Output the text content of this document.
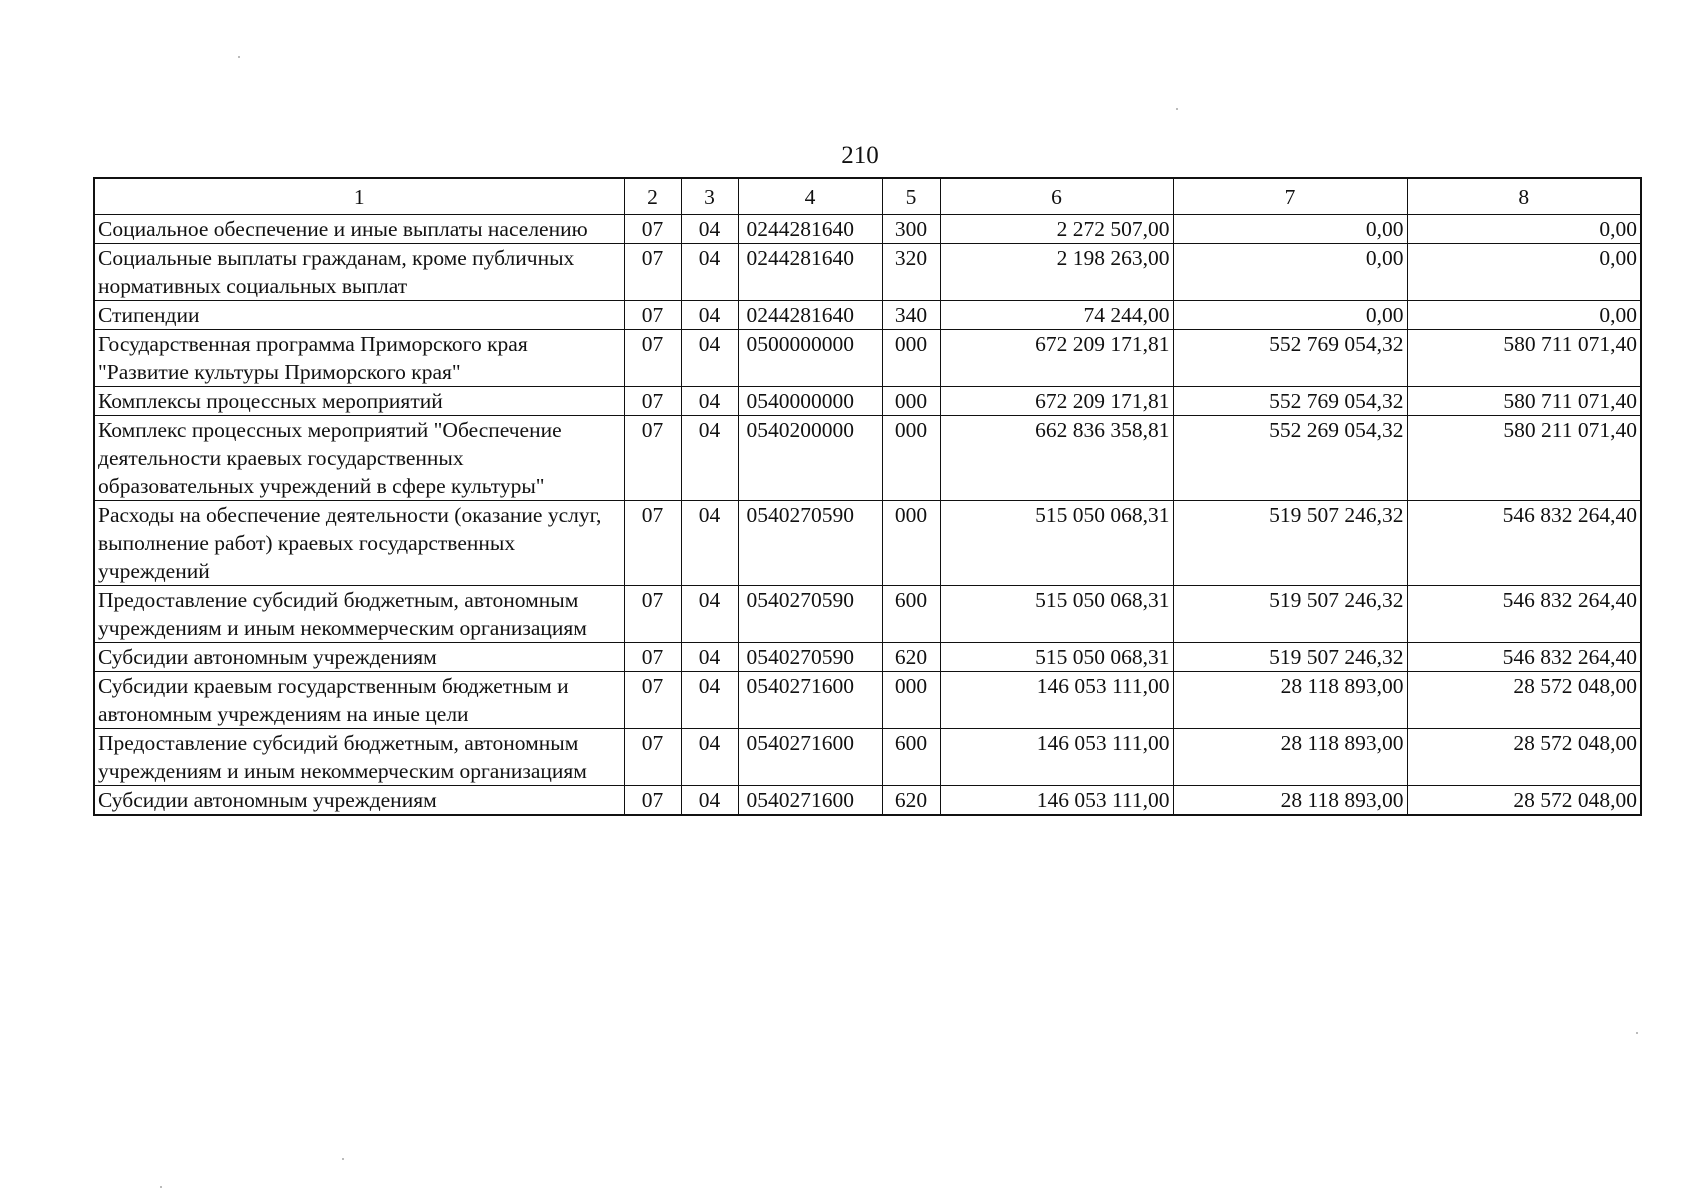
210
1	2	3	4	5	6	7	8
Социальное обеспечение и иные выплаты населению	07	04	0244281640	300	2 272 507,00	0,00	0,00
Социальные выплаты гражданам, кроме публичных нормативных социальных выплат	07	04	0244281640	320	2 198 263,00	0,00	0,00
Стипендии	07	04	0244281640	340	74 244,00	0,00	0,00
Государственная программа Приморского края "Развитие культуры Приморского края"	07	04	0500000000	000	672 209 171,81	552 769 054,32	580 711 071,40
Комплексы процессных мероприятий	07	04	0540000000	000	672 209 171,81	552 769 054,32	580 711 071,40
Комплекс процессных мероприятий "Обеспечение деятельности краевых государственных образовательных учреждений в сфере культуры"	07	04	0540200000	000	662 836 358,81	552 269 054,32	580 211 071,40
Расходы на обеспечение деятельности (оказание услуг, выполнение работ) краевых государственных учреждений	07	04	0540270590	000	515 050 068,31	519 507 246,32	546 832 264,40
Предоставление субсидий бюджетным, автономным учреждениям и иным некоммерческим организациям	07	04	0540270590	600	515 050 068,31	519 507 246,32	546 832 264,40
Субсидии автономным учреждениям	07	04	0540270590	620	515 050 068,31	519 507 246,32	546 832 264,40
Субсидии краевым государственным бюджетным и автономным учреждениям на иные цели	07	04	0540271600	000	146 053 111,00	28 118 893,00	28 572 048,00
Предоставление субсидий бюджетным, автономным учреждениям и иным некоммерческим организациям	07	04	0540271600	600	146 053 111,00	28 118 893,00	28 572 048,00
Субсидии автономным учреждениям	07	04	0540271600	620	146 053 111,00	28 118 893,00	28 572 048,00
